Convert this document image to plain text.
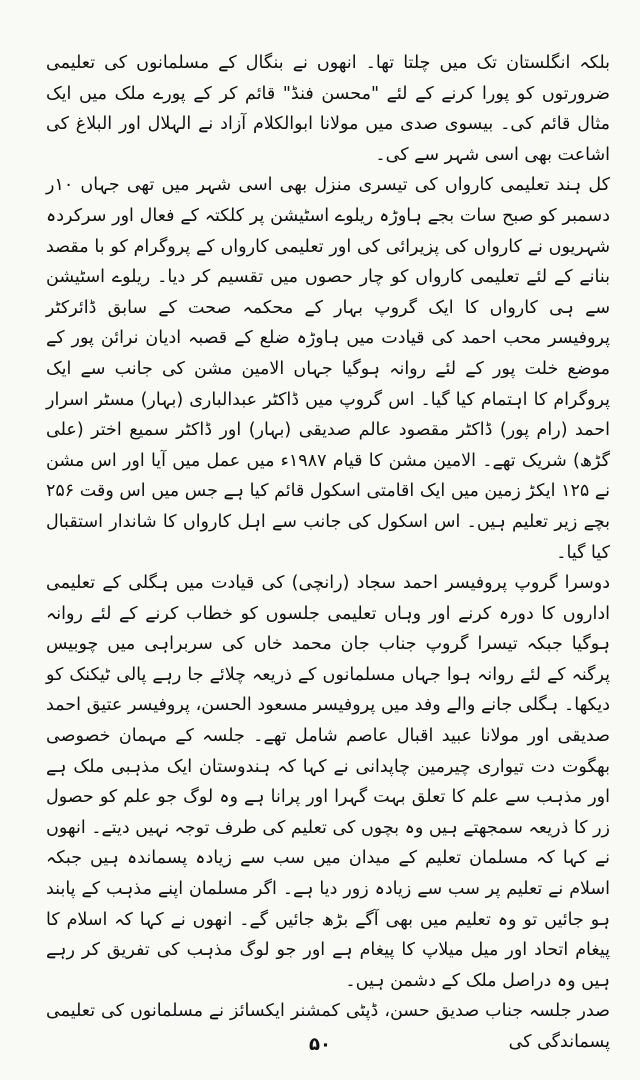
بلکہ انگلستان تک میں چلتا تھا۔ انھوں نے بنگال کے مسلمانوں کی تعلیمی ضرورتوں کو پورا کرنے کے لئے "محسن فنڈ" قائم کر کے پورے ملک میں ایک مثال قائم کی۔ بیسوی صدی میں مولانا ابوالکلام آزاد نے الہلال اور البلاغ کی اشاعت بھی اسی شہر سے کی۔

کل ہند تعلیمی کارواں کی تیسری منزل بھی اسی شہر میں تھی جہاں ۱۰ر دسمبر کو صبح سات بجے ہاوڑہ ریلوے اسٹیشن پر کلکتہ کے فعال اور سرکردہ شہریوں نے کارواں کی پزیرائی کی اور تعلیمی کارواں کے پروگرام کو با مقصد بنانے کے لئے تعلیمی کارواں کو چار حصوں میں تقسیم کر دیا۔ ریلوے اسٹیشن سے ہی کارواں کا ایک گروپ بہار کے محکمہ صحت کے سابق ڈائرکٹر پروفیسر محب احمد کی قیادت میں ہاوڑہ ضلع کے قصبہ ادیان نرائن پور کے موضع خلت پور کے لئے روانہ ہوگیا جہاں الامین مشن کی جانب سے ایک پروگرام کا اہتمام کیا گیا۔ اس گروپ میں ڈاکٹر عبدالباری (بہار) مسٹر اسرار احمد (رام پور) ڈاکٹر مقصود عالم صدیقی (بہار) اور ڈاکٹر سمیع اختر (علی گڑھ) شریک تھے۔ الامین مشن کا قیام ۱۹۸۷ء میں عمل میں آیا اور اس مشن نے ۱۲۵ ایکڑ زمین میں ایک اقامتی اسکول قائم کیا ہے جس میں اس وقت ۲۵۶ بچے زیر تعلیم ہیں۔ اس اسکول کی جانب سے اہل کارواں کا شاندار استقبال کیا گیا۔

دوسرا گروپ پروفیسر احمد سجاد (رانچی) کی قیادت میں ہگلی کے تعلیمی اداروں کا دورہ کرنے اور وہاں تعلیمی جلسوں کو خطاب کرنے کے لئے روانہ ہوگیا جبکہ تیسرا گروپ جناب جان محمد خاں کی سربراہی میں چوبیس پرگنہ کے لئے روانہ ہوا جہاں مسلمانوں کے ذریعہ چلائے جا رہے پالی ٹیکنک کو دیکھا۔ ہگلی جانے والے وفد میں پروفیسر مسعود الحسن، پروفیسر عتیق احمد صدیقی اور مولانا عبید اقبال عاصم شامل تھے۔ جلسہ کے مہمان خصوصی بھگوت دت تیواری چیرمین چاپدانی نے کہا کہ ہندوستان ایک مذہبی ملک ہے اور مذہب سے علم کا تعلق بہت گہرا اور پرانا ہے وہ لوگ جو علم کو حصول زر کا ذریعہ سمجھتے ہیں وہ بچوں کی تعلیم کی طرف توجہ نہیں دیتے۔ انھوں نے کہا کہ مسلمان تعلیم کے میدان میں سب سے زیادہ پسماندہ ہیں جبکہ اسلام نے تعلیم پر سب سے زیادہ زور دیا ہے۔ اگر مسلمان اپنے مذہب کے پابند ہو جائیں تو وہ تعلیم میں بھی آگے بڑھ جائیں گے۔ انھوں نے کہا کہ اسلام کا پیغام اتحاد اور میل میلاپ کا پیغام ہے اور جو لوگ مذہب کی تفریق کر رہے ہیں وہ دراصل ملک کے دشمن ہیں۔

صدر جلسہ جناب صدیق حسن، ڈپٹی کمشنر ایکسائز نے مسلمانوں کی تعلیمی پسماندگی کی

۵۰
